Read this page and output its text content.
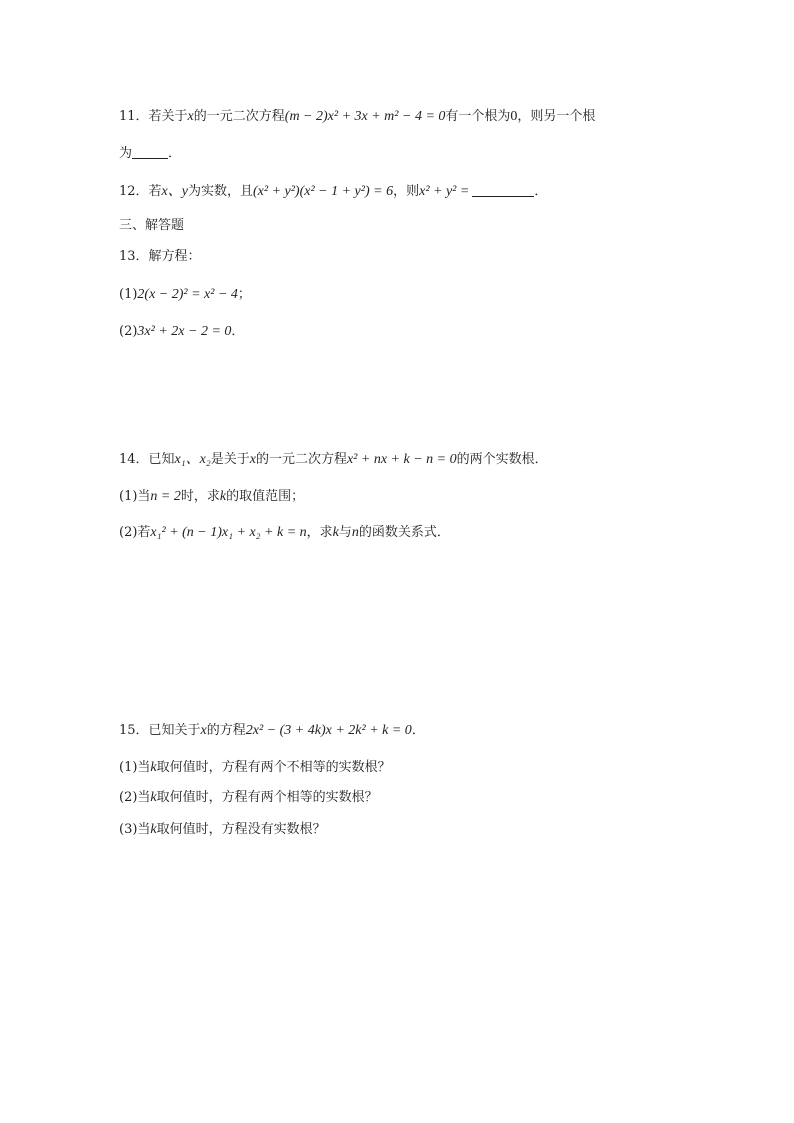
11．若关于x的一元二次方程(m − 2)x² + 3x + m² − 4 = 0有一个根为0，则另一个根
为	．
12．若x、y为实数，且(x² + y²)(x² − 1 + y²) = 6，则x² + y² =	．
三、解答题
13．解方程：
(1)2(x − 2)² = x² − 4；
(2)3x² + 2x − 2 = 0．
14．已知x₁、x₂是关于x的一元二次方程x² + nx + k − n = 0的两个实数根．
(1)当n = 2时，求k的取值范围；
(2)若x₁² + (n − 1)x₁ + x₂ + k = n，求k与n的函数关系式．
15．已知关于x的方程2x² − (3 + 4k)x + 2k² + k = 0．
(1)当k取何值时，方程有两个不相等的实数根？
(2)当k取何值时，方程有两个相等的实数根？
(3)当k取何值时，方程没有实数根？
